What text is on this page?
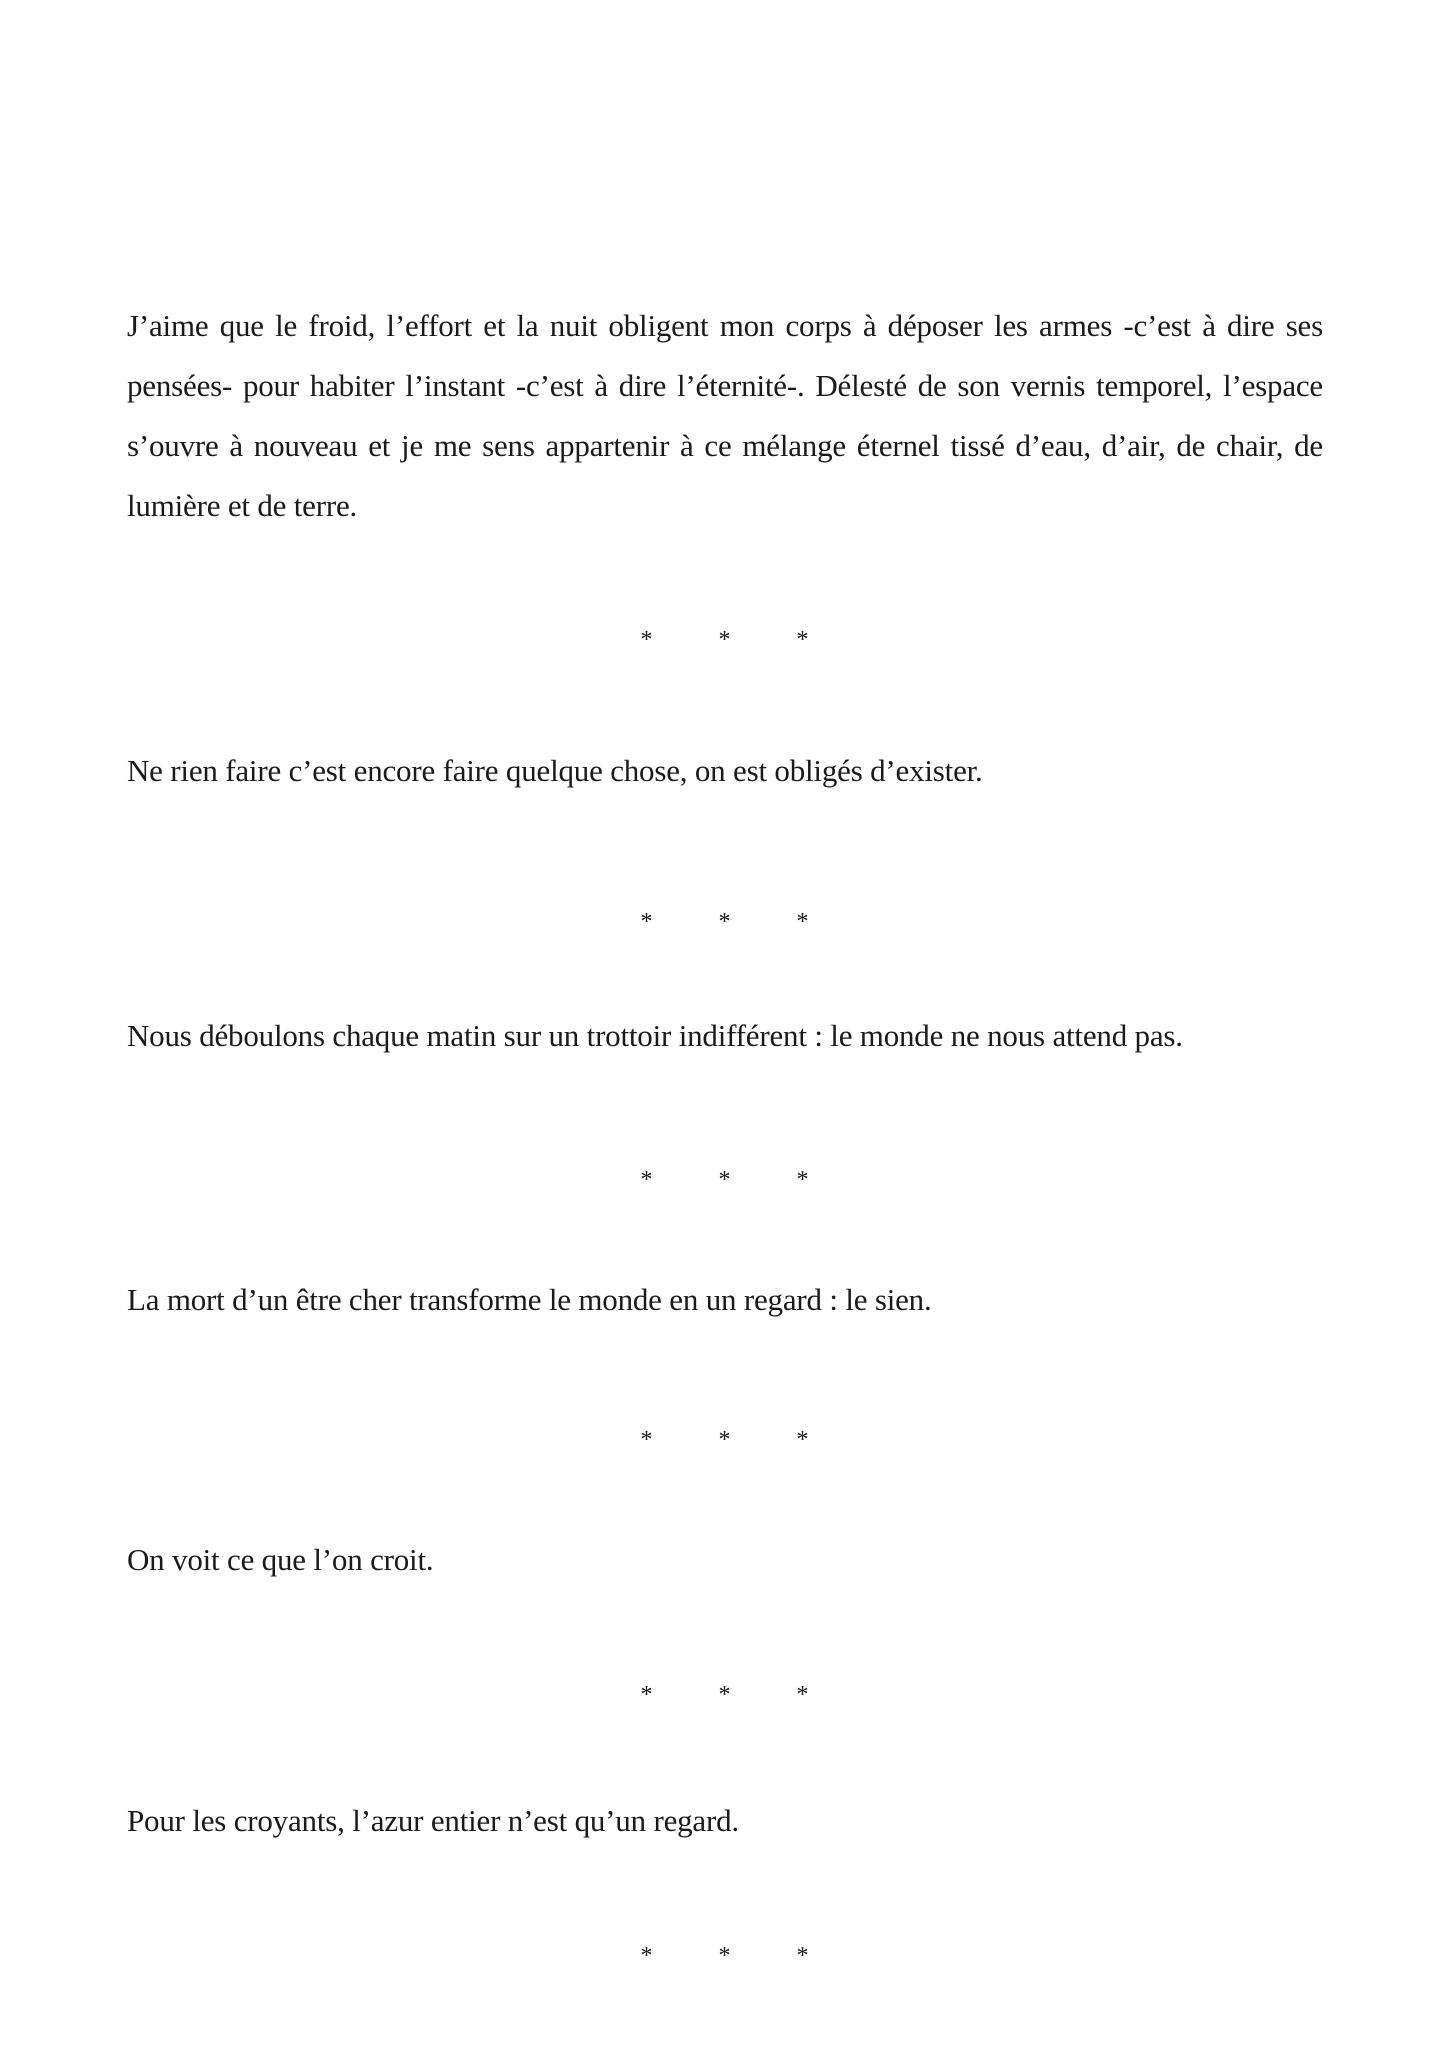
J’aime que le froid, l’effort et la nuit obligent mon corps à déposer les armes -c’est à dire ses pensées- pour habiter l’instant -c’est à dire l’éternité-. Délesté de son vernis temporel, l’espace s’ouvre à nouveau et je me sens appartenir à ce mélange éternel tissé d’eau, d’air, de chair, de lumière et de terre.

* * *

Ne rien faire c’est encore faire quelque chose, on est obligés d’exister.

* * *

Nous déboulons chaque matin sur un trottoir indifférent : le monde ne nous attend pas.

* * *

La mort d’un être cher transforme le monde en un regard : le sien.

* * *

On voit ce que l’on croit.

* * *

Pour les croyants, l’azur entier n’est qu’un regard.

* * *
